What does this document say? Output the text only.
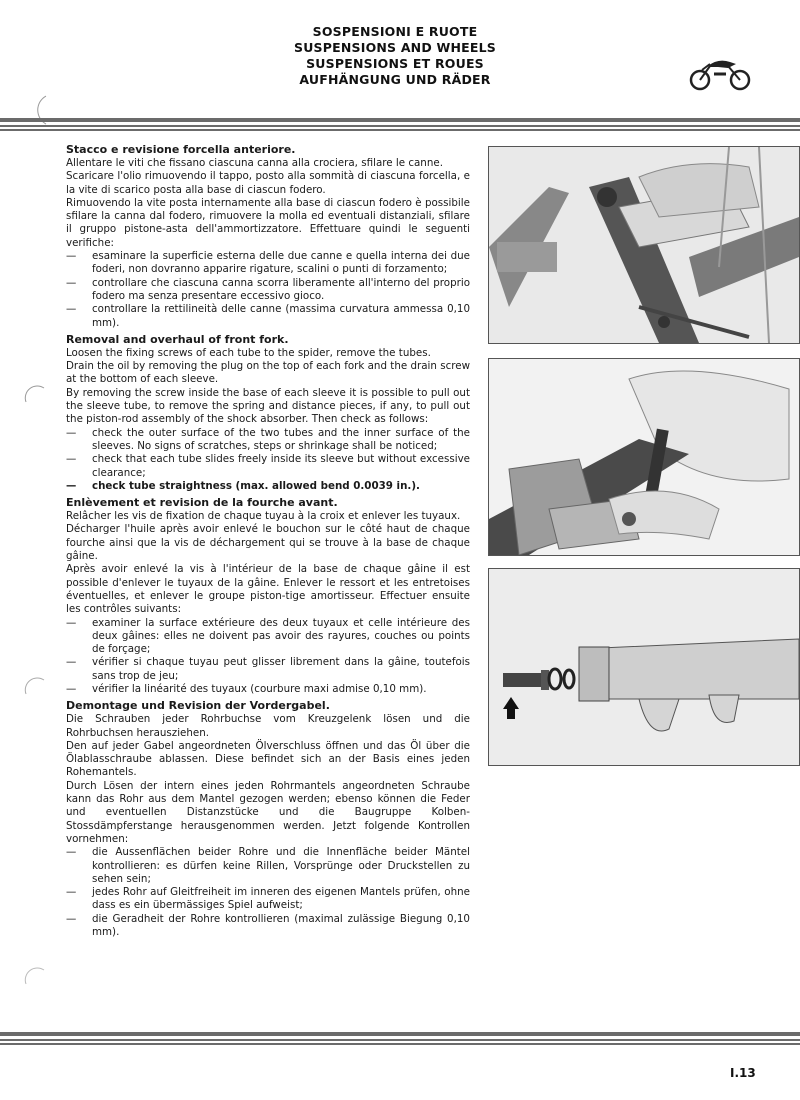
SOSPENSIONI E RUOTE
SUSPENSIONS AND WHEELS
SUSPENSIONS ET ROUES
AUFHÄNGUNG UND RÄDER
Stacco e revisione forcella anteriore.

Allentare le viti che fissano ciascuna canna alla crociera, sfilare le canne.

Scaricare l'olio rimuovendo il tappo, posto alla sommità di ciascuna forcella, e la vite di scarico posta alla base di ciascun fodero.

Rimuovendo la vite posta internamente alla base di ciascun fodero è possibile sfilare la canna dal fodero, rimuovere la molla ed eventuali distanziali, sfilare il gruppo pistone-asta dell'ammortizzatore. Effettuare quindi le seguenti verifiche:

— esaminare la superficie esterna delle due canne e quella interna dei due foderi, non dovranno apparire rigature, scalini o punti di forzamento;
— controllare che ciascuna canna scorra liberamente all'interno del proprio fodero ma senza presentare eccessivo gioco.
— controllare la rettilineità delle canne (massima curvatura ammessa 0,10 mm).
Removal and overhaul of front fork.

Loosen the fixing screws of each tube to the spider, remove the tubes.

Drain the oil by removing the plug on the top of each fork and the drain screw at the bottom of each sleeve.

By removing the screw inside the base of each sleeve it is possible to pull out the sleeve tube, to remove the spring and distance pieces, if any, to pull out the piston-rod assembly of the shock absorber. Then check as follows:

— check the outer surface of the two tubes and the inner surface of the sleeves. No signs of scratches, steps or shrinkage shall be noticed;
— check that each tube slides freely inside its sleeve but without excessive clearance;
— check tube straightness (max. allowed bend 0.0039 in.).
Enlèvement et revision de la fourche avant.

Relâcher les vis de fixation de chaque tuyau à la croix et enlever les tuyaux.

Décharger l'huile après avoir enlevé le bouchon sur le côté haut de chaque fourche ainsi que la vis de déchargement qui se trouve à la base de chaque gâine.

Après avoir enlevé la vis à l'intérieur de la base de chaque gâine il est possible d'enlever le tuyaux de la gâine. Enlever le ressort et les entretoises éventuelles, et enlever le groupe piston-tige amortisseur. Effectuer ensuite les contrôles suivants:

— examiner la surface extérieure des deux tuyaux et celle intérieure des deux gâines: elles ne doivent pas avoir des rayures, couches ou points de forçage;
— vérifier si chaque tuyau peut glisser librement dans la gâine, toutefois sans trop de jeu;
— vérifier la linéarité des tuyaux (courbure maxi admise 0,10 mm).
Demontage und Revision der Vordergabel.

Die Schrauben jeder Rohrbuchse vom Kreuzgelenk lösen und die Rohrbuchsen herausziehen.

Den auf jeder Gabel angeordneten Ölverschluss öffnen und das Öl über die Ölablasschraube ablassen. Diese befindet sich an der Basis eines jeden Rohemantels.

Durch Lösen der intern eines jeden Rohrmantels angeordneten Schraube kann das Rohr aus dem Mantel gezogen werden; ebenso können die Feder und eventuellen Distanzstücke und die Baugruppe Kolben-Stossdämpferstange herausgenommen werden. Jetzt folgende Kontrollen vornehmen:

— die Aussenflächen beider Rohre und die Innenfläche beider Mäntel kontrollieren: es dürfen keine Rillen, Vorsprünge oder Druckstellen zu sehen sein;
— jedes Rohr auf Gleitfreiheit im inneren des eigenen Mantels prüfen, ohne dass es ein übermässiges Spiel aufweist;
— die Geradheit der Rohre kontrollieren (maximal zulässige Biegung 0,10 mm).
I.13
